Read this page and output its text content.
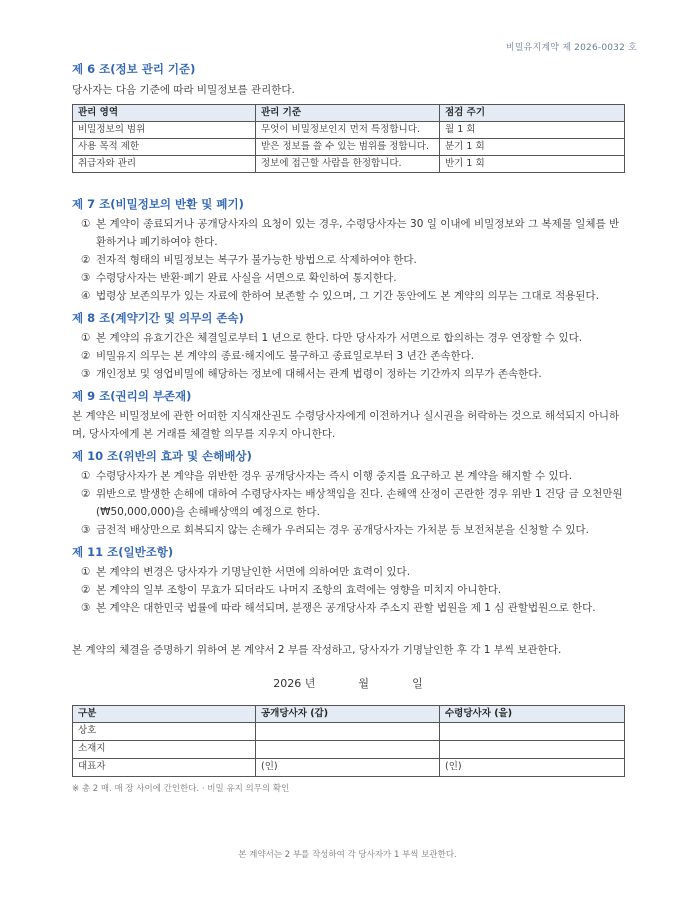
비밀유지계약 제 2026-0032 호
제 6 조(정보 관리 기준)

당사자는 다음 기준에 따라 비밀정보를 관리한다.

관리 영역	관리 기준	점검 주기
비밀정보의 범위	무엇이 비밀정보인지 먼저 특정합니다.	월 1 회
사용 목적 제한	받은 정보를 쓸 수 있는 범위를 정합니다.	분기 1 회
취급자와 관리	정보에 접근할 사람을 한정합니다.	반기 1 회
제 7 조(비밀정보의 반환 및 폐기)
① 본 계약이 종료되거나 공개당사자의 요청이 있는 경우, 수령당사자는 30 일 이내에 비밀정보와 그 복제물 일체를 반환하거나 폐기하여야 한다.
② 전자적 형태의 비밀정보는 복구가 불가능한 방법으로 삭제하여야 한다.
③ 수령당사자는 반환·폐기 완료 사실을 서면으로 확인하여 통지한다.
④ 법령상 보존의무가 있는 자료에 한하여 보존할 수 있으며, 그 기간 동안에도 본 계약의 의무는 그대로 적용된다.
제 8 조(계약기간 및 의무의 존속)
① 본 계약의 유효기간은 체결일로부터 1 년으로 한다. 다만 당사자가 서면으로 합의하는 경우 연장할 수 있다.
② 비밀유지 의무는 본 계약의 종료·해지에도 불구하고 종료일로부터 3 년간 존속한다.
③ 개인정보 및 영업비밀에 해당하는 정보에 대해서는 관계 법령이 정하는 기간까지 의무가 존속한다.
제 9 조(권리의 부존재)

본 계약은 비밀정보에 관한 어떠한 지식재산권도 수령당사자에게 이전하거나 실시권을 허락하는 것으로 해석되지 아니하며, 당사자에게 본 거래를 체결할 의무를 지우지 아니한다.

제 10 조(위반의 효과 및 손해배상)
① 수령당사자가 본 계약을 위반한 경우 공개당사자는 즉시 이행 중지를 요구하고 본 계약을 해지할 수 있다.
② 위반으로 발생한 손해에 대하여 수령당사자는 배상책임을 진다. 손해액 산정이 곤란한 경우 위반 1 건당 금 오천만원(₩50,000,000)을 손해배상액의 예정으로 한다.
③ 금전적 배상만으로 회복되지 않는 손해가 우려되는 경우 공개당사자는 가처분 등 보전처분을 신청할 수 있다.
제 11 조(일반조항)
① 본 계약의 변경은 당사자가 기명날인한 서면에 의하여만 효력이 있다.
② 본 계약의 일부 조항이 무효가 되더라도 나머지 조항의 효력에는 영향을 미치지 아니한다.
③ 본 계약은 대한민국 법률에 따라 해석되며, 분쟁은 공개당사자 주소지 관할 법원을 제 1 심 관할법원으로 한다.

본 계약의 체결을 증명하기 위하여 본 계약서 2 부를 작성하고, 당사자가 기명날인한 후 각 1 부씩 보관한다.

2026 년	월	일
구분	공개당사자 (갑)	수령당사자 (을)
상호		
소재지		
대표자	(인)	(인)
※ 총 2 매. 매 장 사이에 간인한다. · 비밀 유지 의무의 확인
본 계약서는 2 부를 작성하여 각 당사자가 1 부씩 보관한다.
